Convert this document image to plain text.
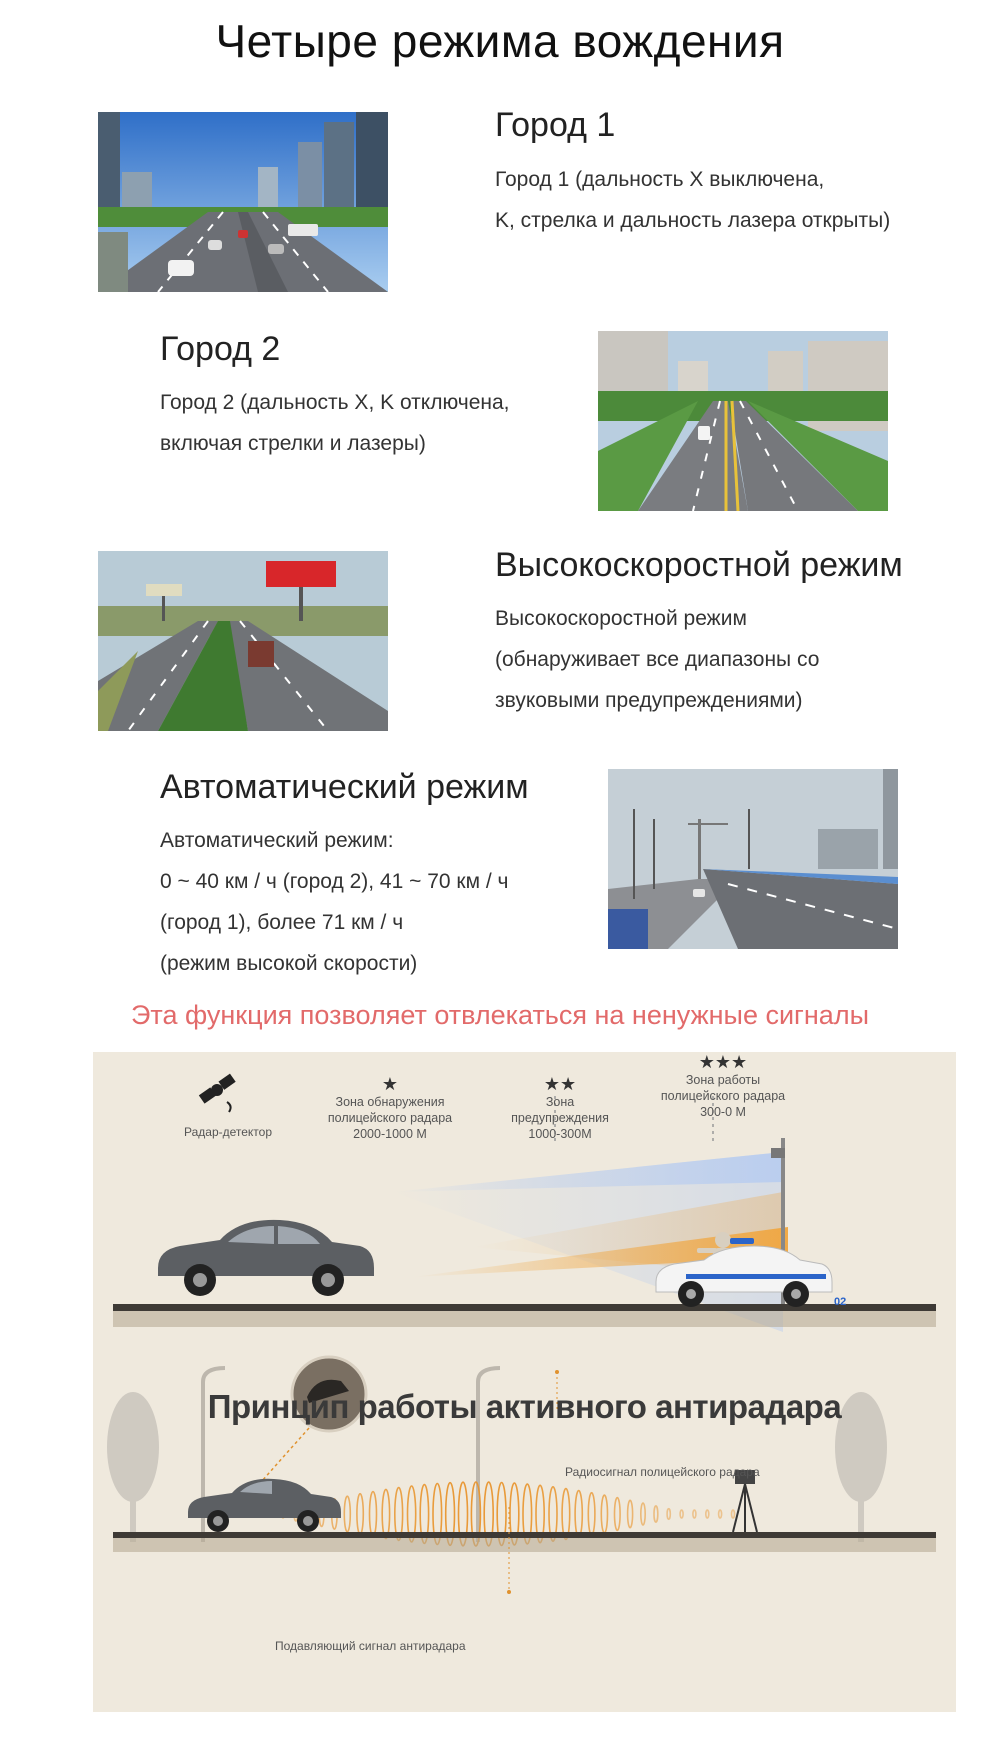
Четыре режима вождения
Город 1
Город 1 (дальность X выключена,
K, стрелка и дальность лазера открыты)
Город 2
Город 2 (дальность X, K отключена,
включая стрелки и лазеры)
Высокоскоростной режим
Высокоскоростной режим
(обнаруживает все диапазоны со
звуковыми предупреждениями)
Автоматический режим
Автоматический режим:
0 ~ 40 км / ч (город 2), 41 ~ 70 км / ч
(город 1), более 71 км / ч
(режим высокой скорости)
Эта функция позволяет отвлекаться на ненужные сигналы
Радар-детектор
★
Зона обнаружения
полицейского радара
2000-1000 М
★★
Зона
предупреждения
1000-300М
★★★
Зона работы
полицейского радара
300-0 М
02
Принцип работы активного антирадара
Радиосигнал полицейского радара
Подавляющий сигнал антирадара
